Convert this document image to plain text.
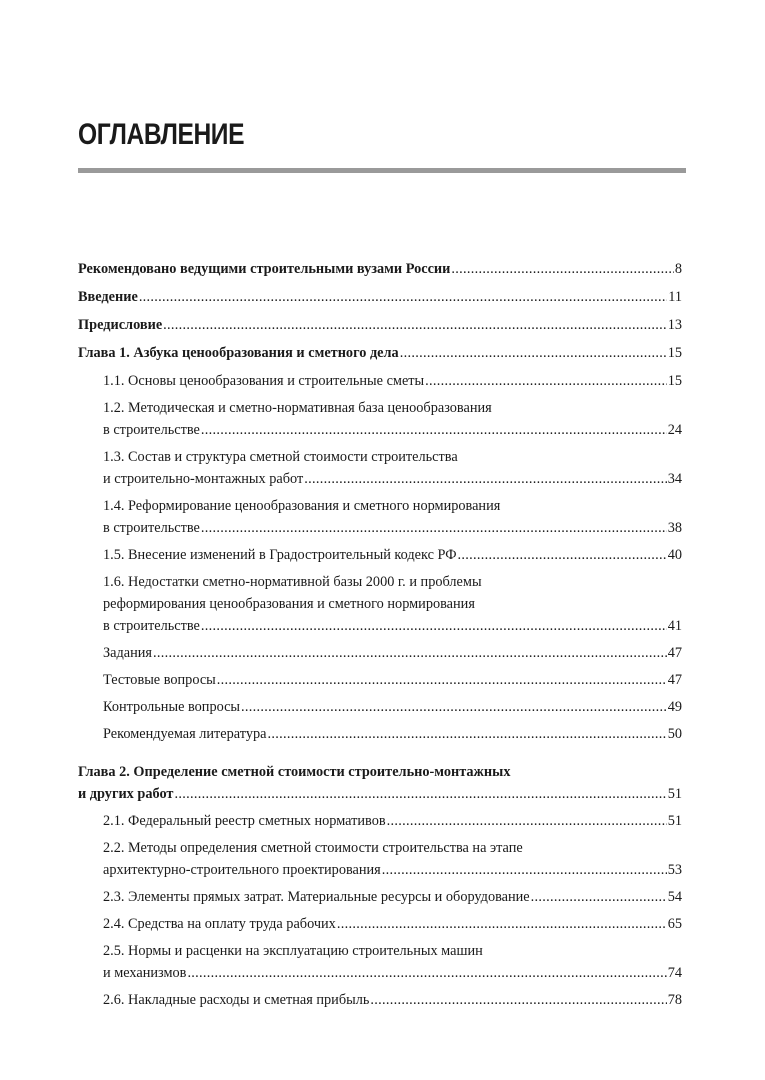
ОГЛАВЛЕНИЕ
Рекомендовано ведущими строительными вузами России .....	8
Введение .....	11
Предисловие .....	13
Глава 1. Азбука ценообразования и сметного дела .....	15
1.1. Основы ценообразования и строительные сметы .....	15
1.2. Методическая и сметно-нормативная база ценообразования
в строительстве .....	24
1.3. Состав и структура сметной стоимости строительства
и строительно-монтажных работ .....	34
1.4. Реформирование ценообразования и сметного нормирования
в строительстве .....	38
1.5. Внесение изменений в Градостроительный кодекс РФ .....	40
1.6. Недостатки сметно-нормативной базы 2000 г. и проблемы
реформирования ценообразования и сметного нормирования
в строительстве .....	41
Задания .....	47
Тестовые вопросы .....	47
Контрольные вопросы .....	49
Рекомендуемая литература .....	50
Глава 2. Определение сметной стоимости строительно-монтажных
и других работ .....	51
2.1. Федеральный реестр сметных нормативов .....	51
2.2. Методы определения сметной стоимости строительства на этапе
архитектурно-строительного проектирования .....	53
2.3. Элементы прямых затрат. Материальные ресурсы и оборудование .....	54
2.4. Средства на оплату труда рабочих .....	65
2.5. Нормы и расценки на эксплуатацию строительных машин
и механизмов .....	74
2.6. Накладные расходы и сметная прибыль .....	78
